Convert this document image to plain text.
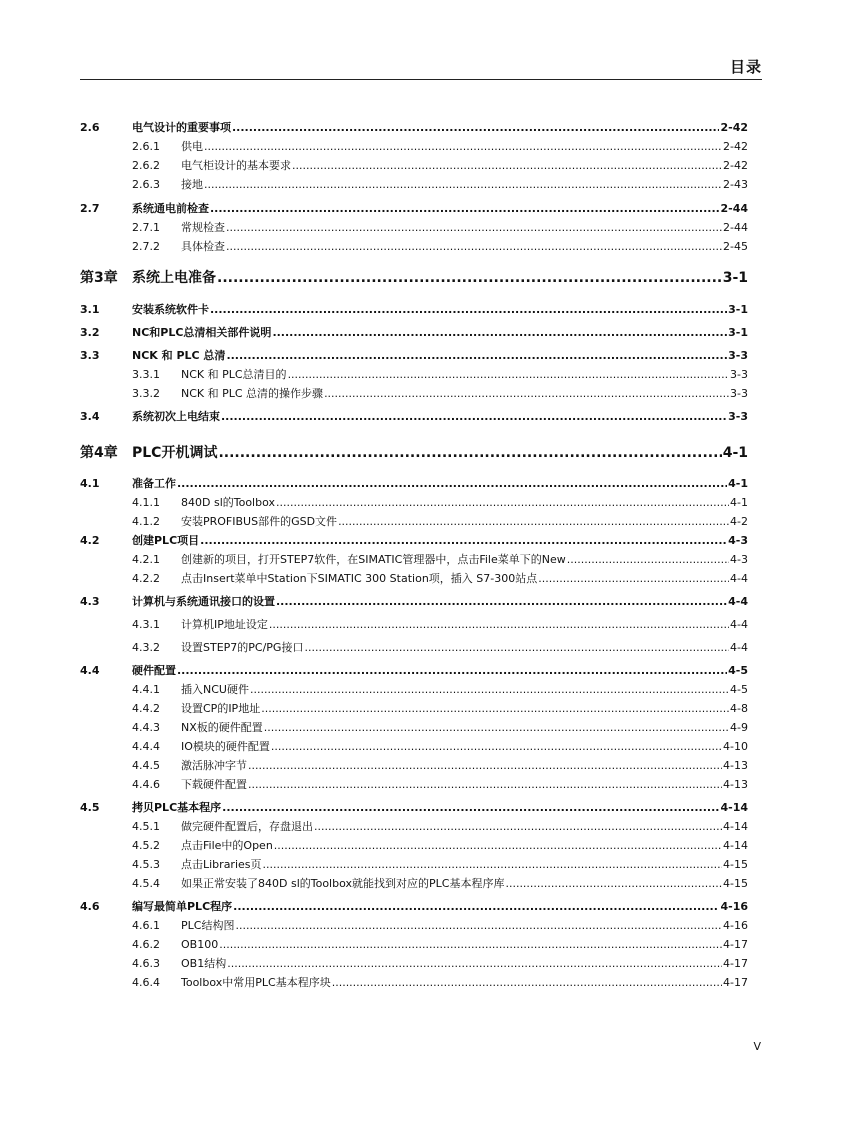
目录
2.6	电气设计的重要事项 .....	2-42
2.6.1 供电 .....	2-42
2.6.2 电气柜设计的基本要求 .....	2-42
2.6.3 接地 .....	2-43
2.7	系统通电前检查 .....	2-44
2.7.1 常规检查 .....	2-44
2.7.2 具体检查 .....	2-45
第3章 系统上电准备 .....	3-1
3.1	安装系统软件卡 .....	3-1
3.2	NC和PLC总清相关部件说明 .....	3-1
3.3	NCK 和 PLC 总清 .....	3-3
3.3.1 NCK 和 PLC总清目的 .....	3-3
3.3.2 NCK 和 PLC 总清的操作步骤 .....	3-3
3.4	系统初次上电结束 .....	3-3
第4章 PLC开机调试 .....	4-1
4.1	准备工作 .....	4-1
4.1.1 840D sl的Toolbox .....	4-1
4.1.2 安装PROFIBUS部件的GSD文件 .....	4-2
4.2	创建PLC项目 .....	4-3
4.2.1 创建新的项目，打开STEP7软件，在SIMATIC管理器中，点击File菜单下的New .....	4-3
4.2.2 点击Insert菜单中Station下SIMATIC 300 Station项，插入 S7-300站点 .....	4-4
4.3	计算机与系统通讯接口的设置 .....	4-4
4.3.1 计算机IP地址设定 .....	4-4
4.3.2 设置STEP7的PC/PG接口 .....	4-4
4.4	硬件配置 .....	4-5
4.4.1 插入NCU硬件 .....	4-5
4.4.2 设置CP的IP地址 .....	4-8
4.4.3 NX板的硬件配置 .....	4-9
4.4.4 IO模块的硬件配置 .....	4-10
4.4.5 激活脉冲字节 .....	4-13
4.4.6 下载硬件配置 .....	4-13
4.5	拷贝PLC基本程序 .....	4-14
4.5.1 做完硬件配置后，存盘退出 .....	4-14
4.5.2 点击File中的Open .....	4-14
4.5.3 点击Libraries页 .....	4-15
4.5.4 如果正常安装了840D sl的Toolbox就能找到对应的PLC基本程序库 .....	4-15
4.6	编写最简单PLC程序 .....	4-16
4.6.1 PLC结构图 .....	4-16
4.6.2 OB100 .....	4-17
4.6.3 OB1结构 .....	4-17
4.6.4 Toolbox中常用PLC基本程序块 .....	4-17
V
